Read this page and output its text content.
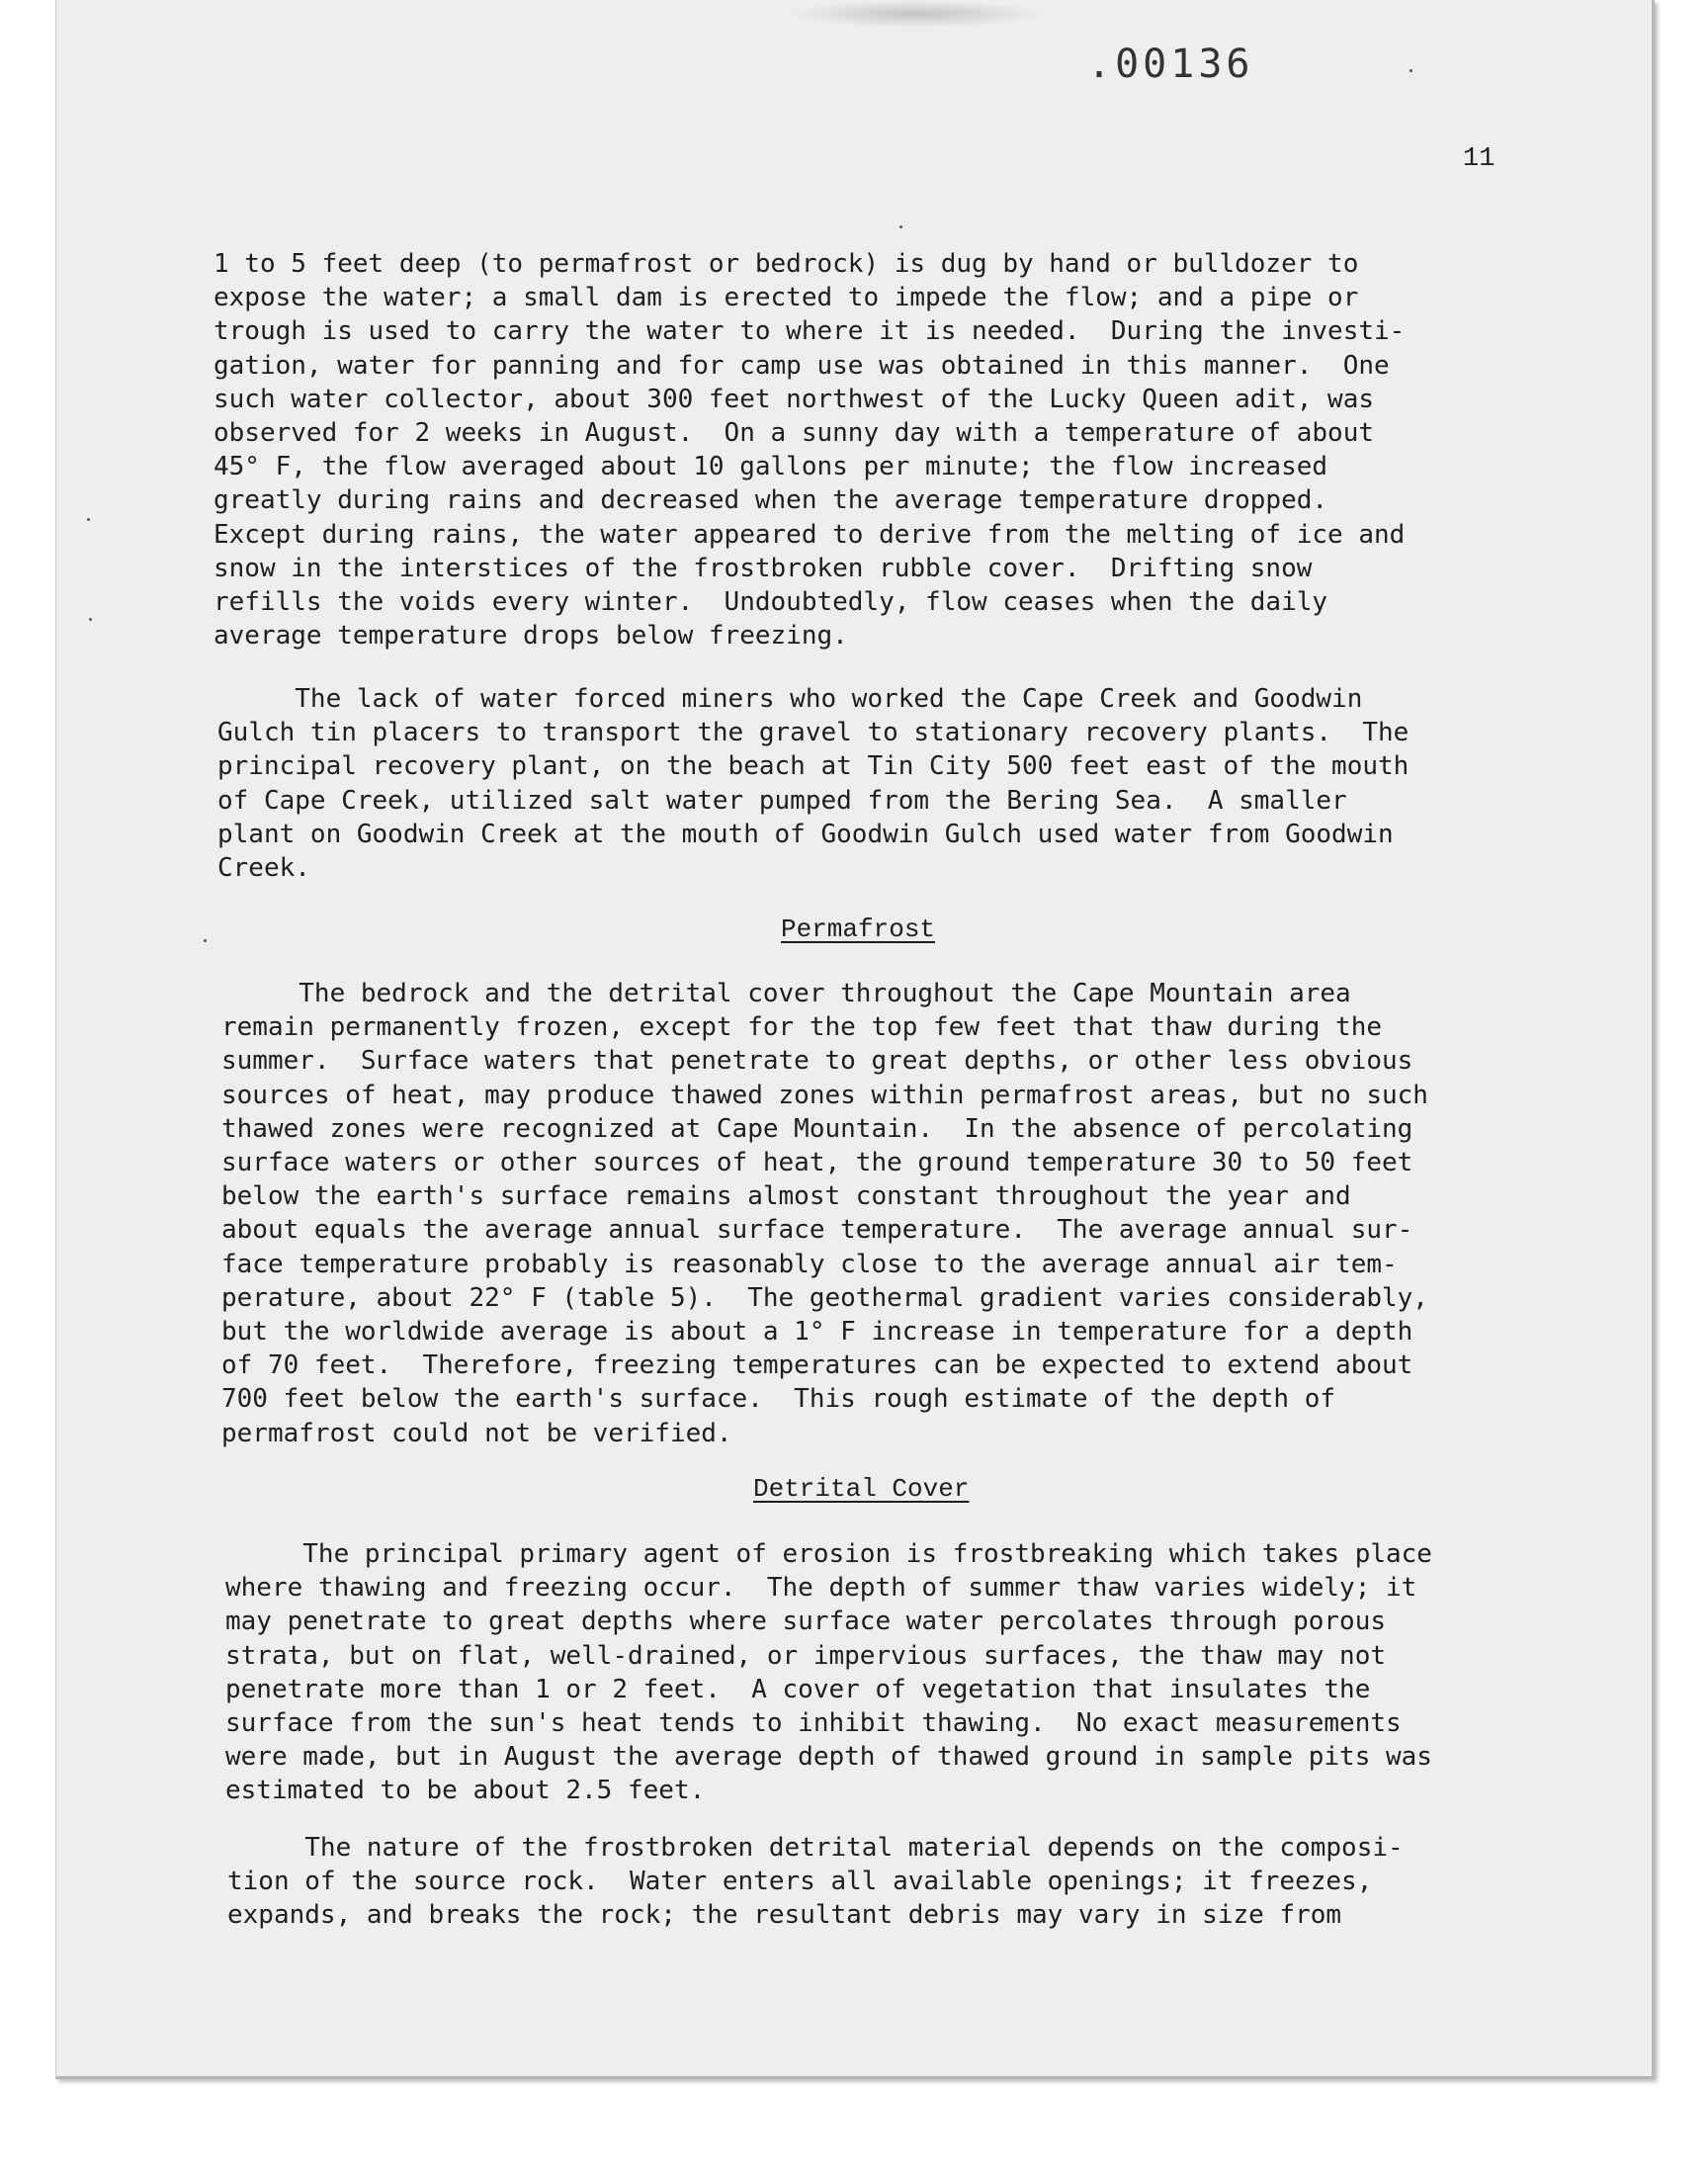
.00136
11
1 to 5 feet deep (to permafrost or bedrock) is dug by hand or bulldozer to
expose the water; a small dam is erected to impede the flow; and a pipe or
trough is used to carry the water to where it is needed.  During the investi-
gation, water for panning and for camp use was obtained in this manner.  One
such water collector, about 300 feet northwest of the Lucky Queen adit, was
observed for 2 weeks in August.  On a sunny day with a temperature of about
45° F, the flow averaged about 10 gallons per minute; the flow increased
greatly during rains and decreased when the average temperature dropped.
Except during rains, the water appeared to derive from the melting of ice and
snow in the interstices of the frostbroken rubble cover.  Drifting snow
refills the voids every winter.  Undoubtedly, flow ceases when the daily
average temperature drops below freezing.
The lack of water forced miners who worked the Cape Creek and Goodwin
Gulch tin placers to transport the gravel to stationary recovery plants.  The
principal recovery plant, on the beach at Tin City 500 feet east of the mouth
of Cape Creek, utilized salt water pumped from the Bering Sea.  A smaller
plant on Goodwin Creek at the mouth of Goodwin Gulch used water from Goodwin
Creek.
Permafrost
The bedrock and the detrital cover throughout the Cape Mountain area
remain permanently frozen, except for the top few feet that thaw during the
summer.  Surface waters that penetrate to great depths, or other less obvious
sources of heat, may produce thawed zones within permafrost areas, but no such
thawed zones were recognized at Cape Mountain.  In the absence of percolating
surface waters or other sources of heat, the ground temperature 30 to 50 feet
below the earth's surface remains almost constant throughout the year and
about equals the average annual surface temperature.  The average annual sur-
face temperature probably is reasonably close to the average annual air tem-
perature, about 22° F (table 5).  The geothermal gradient varies considerably,
but the worldwide average is about a 1° F increase in temperature for a depth
of 70 feet.  Therefore, freezing temperatures can be expected to extend about
700 feet below the earth's surface.  This rough estimate of the depth of
permafrost could not be verified.
Detrital Cover
The principal primary agent of erosion is frostbreaking which takes place
where thawing and freezing occur.  The depth of summer thaw varies widely; it
may penetrate to great depths where surface water percolates through porous
strata, but on flat, well-drained, or impervious surfaces, the thaw may not
penetrate more than 1 or 2 feet.  A cover of vegetation that insulates the
surface from the sun's heat tends to inhibit thawing.  No exact measurements
were made, but in August the average depth of thawed ground in sample pits was
estimated to be about 2.5 feet.
The nature of the frostbroken detrital material depends on the composi-
tion of the source rock.  Water enters all available openings; it freezes,
expands, and breaks the rock; the resultant debris may vary in size from
